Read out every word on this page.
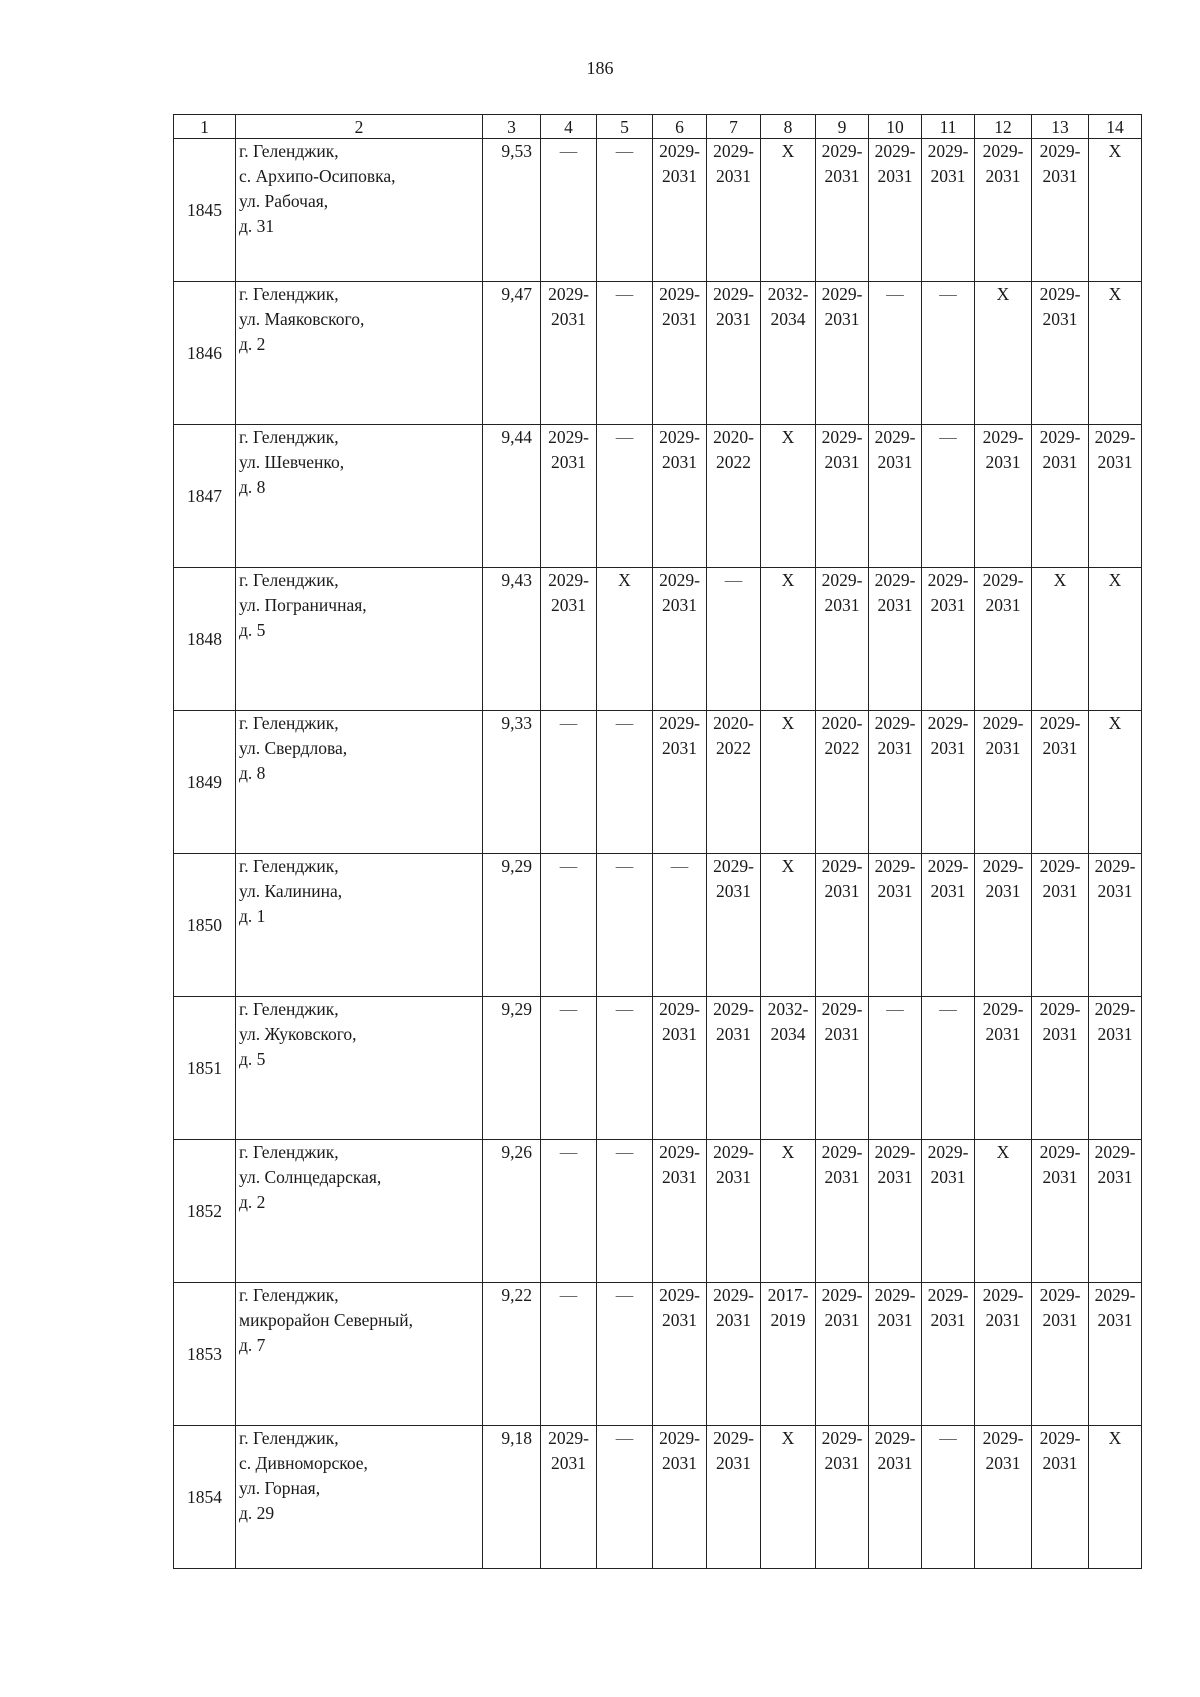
186
1	2	3	4	5	6	7	8	9	10	11	12	13	14
1845	г. Геленджик,
с. Архипо-Осиповка,
ул. Рабочая,
д. 31	9,53	—	—	2029-
2031	2029-
2031	Х	2029-
2031	2029-
2031	2029-
2031	2029-
2031	2029-
2031	Х
1846	г. Геленджик,
ул. Маяковского,
д. 2	9,47	2029-
2031	—	2029-
2031	2029-
2031	2032-
2034	2029-
2031	—	—	Х	2029-
2031	Х
1847	г. Геленджик,
ул. Шевченко,
д. 8	9,44	2029-
2031	—	2029-
2031	2020-
2022	Х	2029-
2031	2029-
2031	—	2029-
2031	2029-
2031	2029-
2031
1848	г. Геленджик,
ул. Пограничная,
д. 5	9,43	2029-
2031	Х	2029-
2031	—	Х	2029-
2031	2029-
2031	2029-
2031	2029-
2031	Х	Х
1849	г. Геленджик,
ул. Свердлова,
д. 8	9,33	—	—	2029-
2031	2020-
2022	Х	2020-
2022	2029-
2031	2029-
2031	2029-
2031	2029-
2031	Х
1850	г. Геленджик,
ул. Калинина,
д. 1	9,29	—	—	—	2029-
2031	Х	2029-
2031	2029-
2031	2029-
2031	2029-
2031	2029-
2031	2029-
2031
1851	г. Геленджик,
ул. Жуковского,
д. 5	9,29	—	—	2029-
2031	2029-
2031	2032-
2034	2029-
2031	—	—	2029-
2031	2029-
2031	2029-
2031
1852	г. Геленджик,
ул. Солнцедарская,
д. 2	9,26	—	—	2029-
2031	2029-
2031	Х	2029-
2031	2029-
2031	2029-
2031	Х	2029-
2031	2029-
2031
1853	г. Геленджик,
микрорайон Северный,
д. 7	9,22	—	—	2029-
2031	2029-
2031	2017-
2019	2029-
2031	2029-
2031	2029-
2031	2029-
2031	2029-
2031	2029-
2031
1854	г. Геленджик,
с. Дивноморское,
ул. Горная,
д. 29	9,18	2029-
2031	—	2029-
2031	2029-
2031	Х	2029-
2031	2029-
2031	—	2029-
2031	2029-
2031	Х
